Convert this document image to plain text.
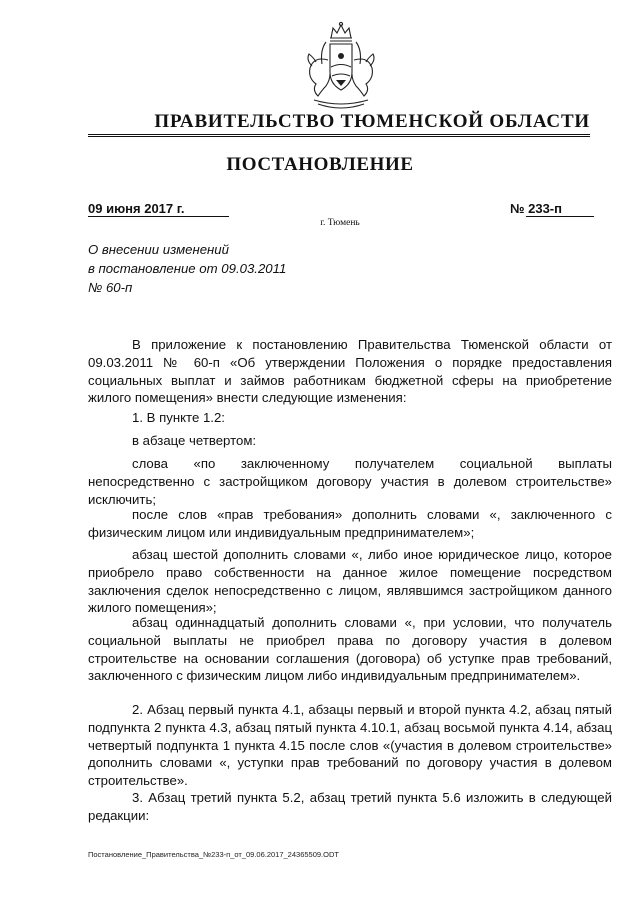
ПРАВИТЕЛЬСТВО ТЮМЕНСКОЙ ОБЛАСТИ
ПОСТАНОВЛЕНИЕ
09 июня 2017 г.	№ 233-п
г. Тюмень
О внесении изменений
в постановление от 09.03.2011
№ 60-п
В приложение к постановлению Правительства Тюменской области от 09.03.2011 № 60-п «Об утверждении Положения о порядке предоставления социальных выплат и займов работникам бюджетной сферы на приобретение жилого помещения» внести следующие изменения:
1. В пункте 1.2:
в абзаце четвертом:
слова «по заключенному получателем социальной выплаты непосредственно с застройщиком договору участия в долевом строительстве» исключить;
после слов «прав требования» дополнить словами «, заключенного с физическим лицом или индивидуальным предпринимателем»;
абзац шестой дополнить словами «, либо иное юридическое лицо, которое приобрело право собственности на данное жилое помещение посредством заключения сделок непосредственно с лицом, являвшимся застройщиком данного жилого помещения»;
абзац одиннадцатый дополнить словами «, при условии, что получатель социальной выплаты не приобрел права по договору участия в долевом строительстве на основании соглашения (договора) об уступке прав требований, заключенного с физическим лицом либо индивидуальным предпринимателем».
2. Абзац первый пункта 4.1, абзацы первый и второй пункта 4.2, абзац пятый подпункта 2 пункта 4.3, абзац пятый пункта 4.10.1, абзац восьмой пункта 4.14, абзац четвертый подпункта 1 пункта 4.15 после слов «(участия в долевом строительстве» дополнить словами «, уступки прав требований по договору участия в долевом строительстве».
3. Абзац третий пункта 5.2, абзац третий пункта 5.6 изложить в следующей редакции:
Постановление_Правительства_№233-п_от_09.06.2017_24365509.ODT
